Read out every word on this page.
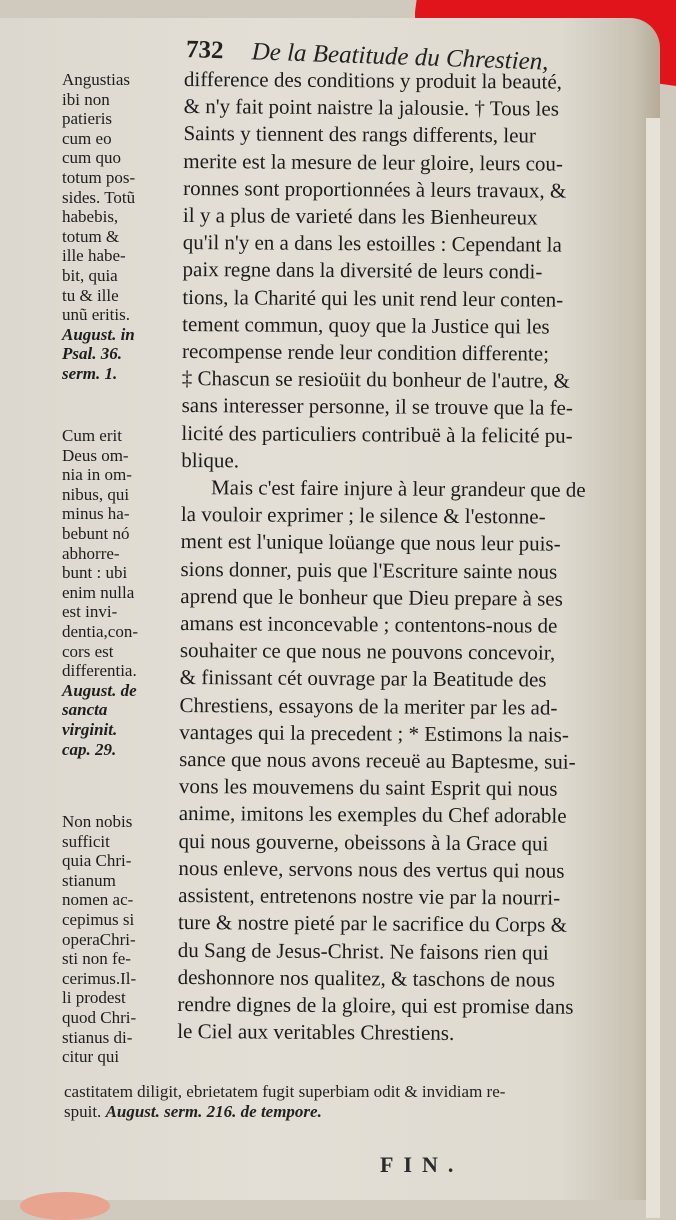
732 De la Beatitude du Chrestien,
Angustias
ibi non
patieris
cum eo
cum quo
totum pos-
sides. Totũ
habebis,
totum &
ille habe-
bit, quia
tu & ille
unũ eritis.
August. in
Psal. 36.
serm. 1.
Cum erit
Deus om-
nia in om-
nibus, qui
minus ha-
bebunt nó
abhorre-
bunt : ubi
enim nulla
est invi-
dentia,con-
cors est
differentia.
August. de
sancta
virginit.
cap. 29.
Non nobis
sufficit
quia Chri-
stianum
nomen ac-
cepimus si
operaChri-
sti non fe-
cerimus.Il-
li prodest
quod Chri-
stianus di-
citur qui
difference des conditions y produit la beauté,
& n'y fait point naistre la jalousie. † Tous les
Saints y tiennent des rangs differents, leur
merite est la mesure de leur gloire, leurs cou-
ronnes sont proportionnées à leurs travaux, &
il y a plus de varieté dans les Bienheureux
qu'il n'y en a dans les estoilles : Cependant la
paix regne dans la diversité de leurs condi-
tions, la Charité qui les unit rend leur conten-
tement commun, quoy que la Justice qui les
recompense rende leur condition differente;
‡ Chascun se resioüit du bonheur de l'autre, &
sans interesser personne, il se trouve que la fe-
licité des particuliers contribuë à la felicité pu-
blique.
Mais c'est faire injure à leur grandeur que de
la vouloir exprimer ; le silence & l'estonne-
ment est l'unique loüange que nous leur puis-
sions donner, puis que l'Escriture sainte nous
aprend que le bonheur que Dieu prepare à ses
amans est inconcevable ; contentons-nous de
souhaiter ce que nous ne pouvons concevoir,
& finissant cét ouvrage par la Beatitude des
Chrestiens, essayons de la meriter par les ad-
vantages qui la precedent ; * Estimons la nais-
sance que nous avons receuë au Baptesme, sui-
vons les mouvemens du saint Esprit qui nous
anime, imitons les exemples du Chef adorable
qui nous gouverne, obeissons à la Grace qui
nous enleve, servons nous des vertus qui nous
assistent, entretenons nostre vie par la nourri-
ture & nostre pieté par le sacrifice du Corps &
du Sang de Jesus-Christ. Ne faisons rien qui
deshonnore nos qualitez, & taschons de nous
rendre dignes de la gloire, qui est promise dans
le Ciel aux veritables Chrestiens.
castitatem diligit, ebrietatem fugit superbiam odit & invidiam re-
spuit. August. serm. 216. de tempore.
FIN.
